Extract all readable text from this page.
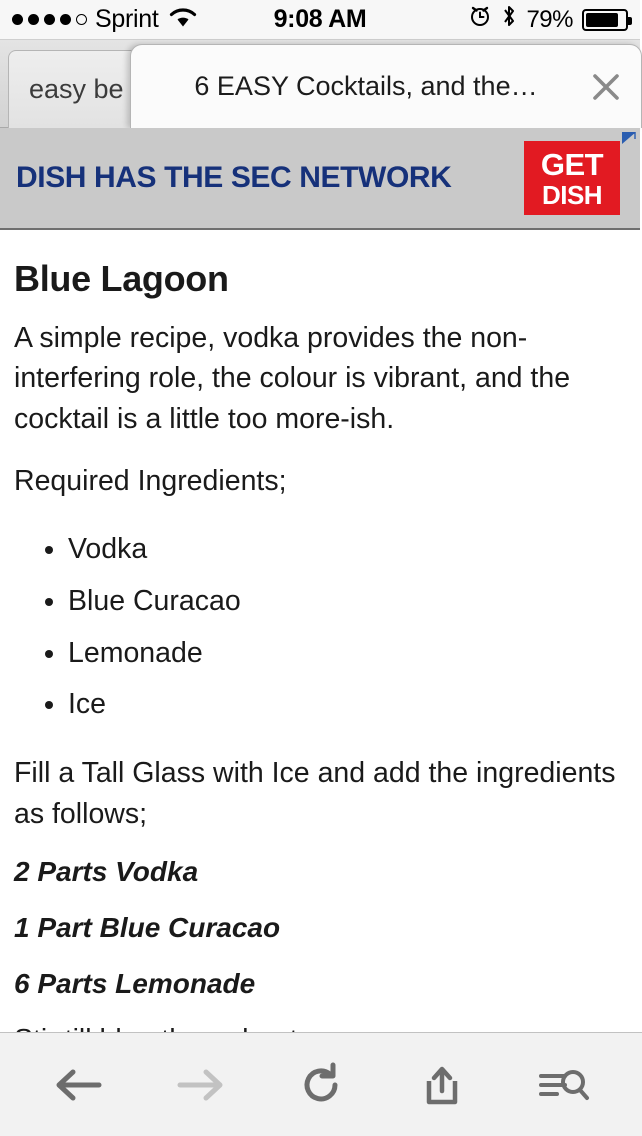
Sprint	9:08 AM	79%
easy be	6 EASY Cocktails, and the…
DISH HAS THE SEC NETWORK	GET
DISH
Blue Lagoon

A simple recipe, vodka provides the non-interfering role, the colour is vibrant, and the cocktail is a little too more-ish.

Required Ingredients;

• Vodka
• Blue Curacao
• Lemonade
• Ice

Fill a Tall Glass with Ice and add the ingredients as follows;

2 Parts Vodka

1 Part Blue Curacao

6 Parts Lemonade
